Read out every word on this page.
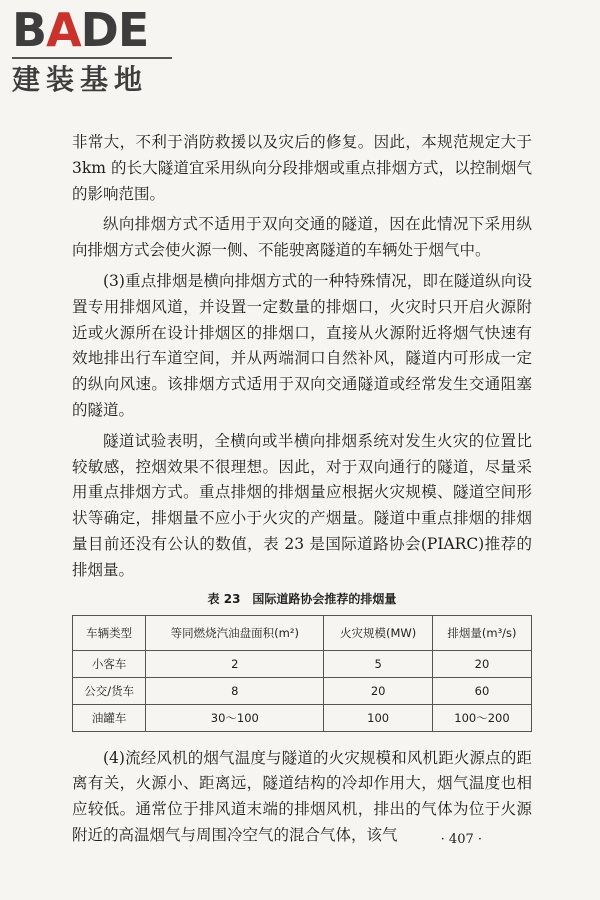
BADE
建装基地

非常大，不利于消防救援以及灾后的修复。因此，本规范规定大于 3km 的长大隧道宜采用纵向分段排烟或重点排烟方式，以控制烟气的影响范围。

纵向排烟方式不适用于双向交通的隧道，因在此情况下采用纵向排烟方式会使火源一侧、不能驶离隧道的车辆处于烟气中。

(3)重点排烟是横向排烟方式的一种特殊情况，即在隧道纵向设置专用排烟风道，并设置一定数量的排烟口，火灾时只开启火源附近或火源所在设计排烟区的排烟口，直接从火源附近将烟气快速有效地排出行车道空间，并从两端洞口自然补风，隧道内可形成一定的纵向风速。该排烟方式适用于双向交通隧道或经常发生交通阻塞的隧道。

隧道试验表明，全横向或半横向排烟系统对发生火灾的位置比较敏感，控烟效果不很理想。因此，对于双向通行的隧道，尽量采用重点排烟方式。重点排烟的排烟量应根据火灾规模、隧道空间形状等确定，排烟量不应小于火灾的产烟量。隧道中重点排烟的排烟量目前还没有公认的数值，表 23 是国际道路协会(PIARC)推荐的排烟量。

表 23　国际道路协会推荐的排烟量
车辆类型	等同燃烧汽油盘面积(m²)	火灾规模(MW)	排烟量(m³/s)
小客车	2	5	20
公交/货车	8	20	60
油罐车	30～100	100	100～200

(4)流经风机的烟气温度与隧道的火灾规模和风机距火源点的距离有关，火源小、距离远，隧道结构的冷却作用大，烟气温度也相应较低。通常位于排风道末端的排烟风机，排出的气体为位于火源附近的高温烟气与周围冷空气的混合气体，该气	· 407 ·
